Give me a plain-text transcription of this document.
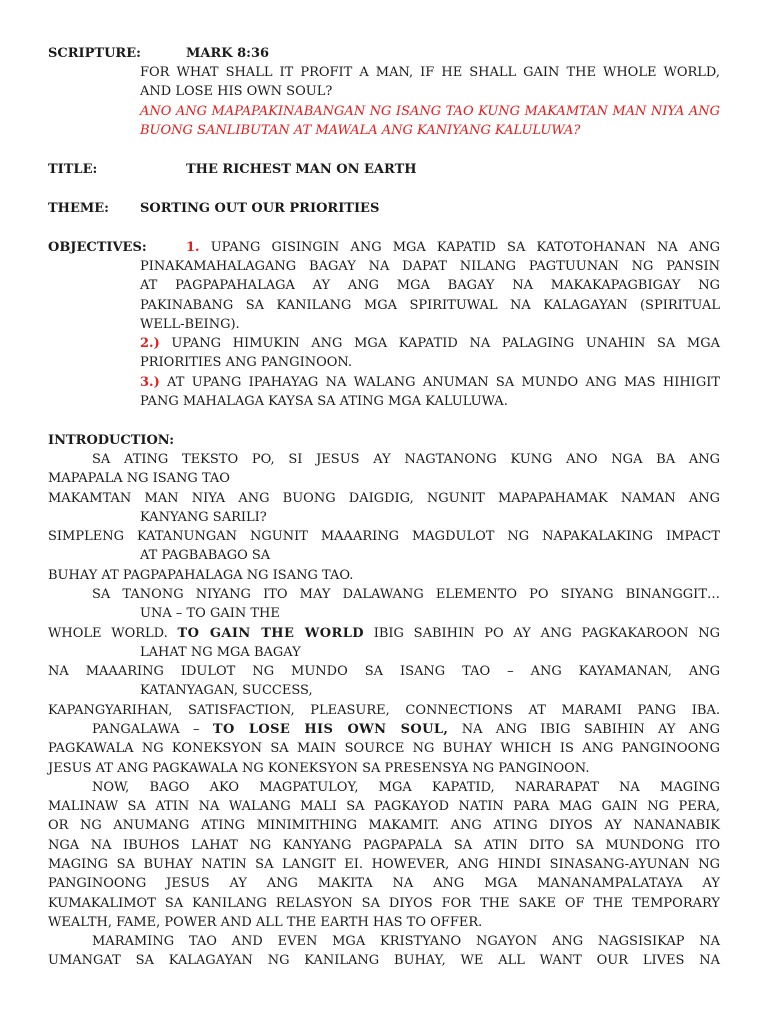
SCRIPTURE:	MARK 8:36
FOR WHAT SHALL IT PROFIT A MAN, IF HE SHALL GAIN THE WHOLE WORLD,
AND LOSE HIS OWN SOUL?
ANO ANG MAPAPAKINABANGAN NG ISANG TAO KUNG MAKAMTAN MAN NIYA ANG
BUONG SANLIBUTAN AT MAWALA ANG KANIYANG KALULUWA?
TITLE:	THE RICHEST MAN ON EARTH
THEME: SORTING OUT OUR PRIORITIES
OBJECTIVES:	1. UPANG GISINGIN ANG MGA KAPATID SA KATOTOHANAN NA ANG
PINAKAMAHALAGANG BAGAY NA DAPAT NILANG PAGTUUNAN NG PANSIN
AT PAGPAPAHALAGA AY ANG MGA BAGAY NA MAKAKAPAGBIGAY NG
PAKINABANG SA KANILANG MGA SPIRITUWAL NA KALAGAYAN (SPIRITUAL
WELL-BEING).
2.) UPANG HIMUKIN ANG MGA KAPATID NA PALAGING UNAHIN SA MGA
PRIORITIES ANG PANGINOON.
3.) AT UPANG IPAHAYAG NA WALANG ANUMAN SA MUNDO ANG MAS HIHIGIT
PANG MAHALAGA KAYSA SA ATING MGA KALULUWA.
INTRODUCTION:
SA ATING TEKSTO PO, SI JESUS AY NAGTANONG KUNG ANO NGA BA ANG
MAPAPALA NG ISANG TAO
MAKAMTAN MAN NIYA ANG BUONG DAIGDIG, NGUNIT MAPAPAHAMAK NAMAN ANG
KANYANG SARILI?
SIMPLENG KATANUNGAN NGUNIT MAAARING MAGDULOT NG NAPAKALAKING IMPACT
AT PAGBABAGO SA
BUHAY AT PAGPAPAHALAGA NG ISANG TAO.
SA TANONG NIYANG ITO MAY DALAWANG ELEMENTO PO SIYANG BINANGGIT…
UNA – TO GAIN THE
WHOLE WORLD. TO GAIN THE WORLD IBIG SABIHIN PO AY ANG PAGKAKAROON NG
LAHAT NG MGA BAGAY
NA MAAARING IDULOT NG MUNDO SA ISANG TAO – ANG KAYAMANAN, ANG
KATANYAGAN, SUCCESS,
KAPANGYARIHAN, SATISFACTION, PLEASURE, CONNECTIONS AT MARAMI PANG IBA.
PANGALAWA – TO LOSE HIS OWN SOUL, NA ANG IBIG SABIHIN AY ANG
PAGKAWALA NG KONEKSYON SA MAIN SOURCE NG BUHAY WHICH IS ANG PANGINOONG
JESUS AT ANG PAGKAWALA NG KONEKSYON SA PRESENSYA NG PANGINOON.
NOW, BAGO AKO MAGPATULOY, MGA KAPATID, NARARAPAT NA MAGING
MALINAW SA ATIN NA WALANG MALI SA PAGKAYOD NATIN PARA MAG GAIN NG PERA,
OR NG ANUMANG ATING MINIMITHING MAKAMIT. ANG ATING DIYOS AY NANANABIK
NGA NA IBUHOS LAHAT NG KANYANG PAGPAPALA SA ATIN DITO SA MUNDONG ITO
MAGING SA BUHAY NATIN SA LANGIT EI. HOWEVER, ANG HINDI SINASANG-AYUNAN NG
PANGINOONG JESUS AY ANG MAKITA NA ANG MGA MANANAMPALATAYA AY
KUMAKALIMOT SA KANILANG RELASYON SA DIYOS FOR THE SAKE OF THE TEMPORARY
WEALTH, FAME, POWER AND ALL THE EARTH HAS TO OFFER.
MARAMING TAO AND EVEN MGA KRISTYANO NGAYON ANG NAGSISIKAP NA
UMANGAT SA KALAGAYAN NG KANILANG BUHAY, WE ALL WANT OUR LIVES NA
